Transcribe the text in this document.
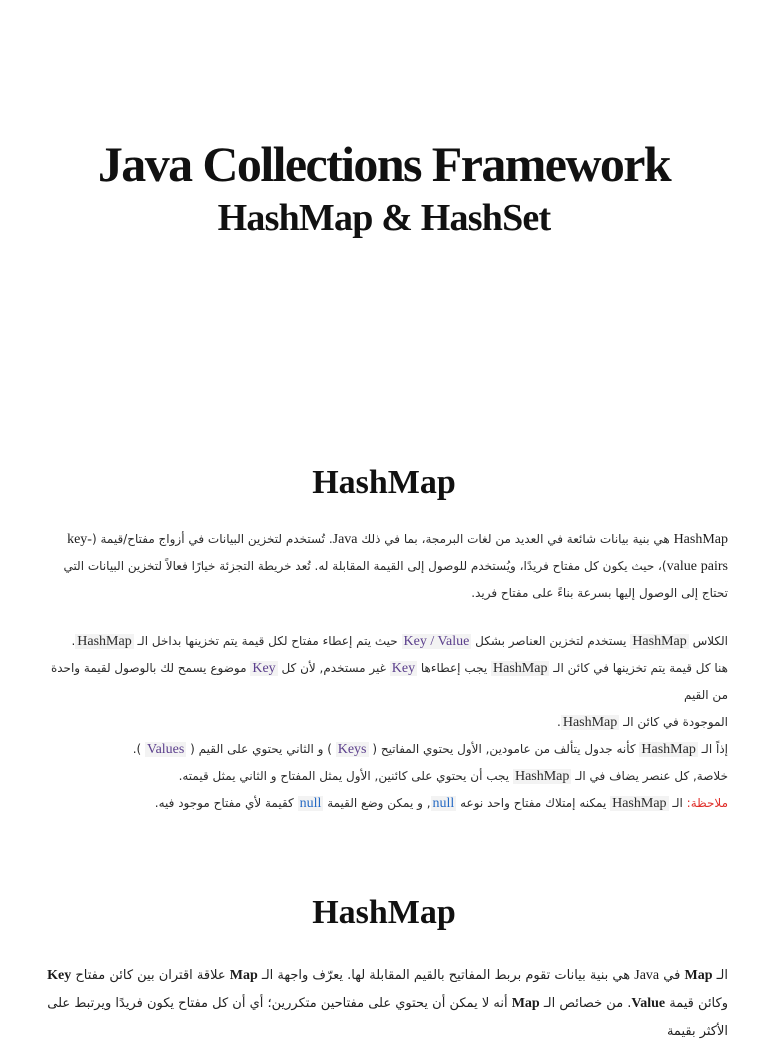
Java Collections Framework
HashMap & HashSet
HashMap

HashMap هي بنية بيانات شائعة في العديد من لغات البرمجة، بما في ذلك Java. تُستخدم لتخزين البيانات في أزواج مفتاح/قيمة (key-value pairs)، حيث يكون كل مفتاح فريدًا، ويُستخدم للوصول إلى القيمة المقابلة له. تُعد خريطة التجزئة خيارًا فعالاً لتخزين البيانات التي تحتاج إلى الوصول إليها بسرعة بناءً على مفتاح فريد.

الكلاس HashMap يستخدم لتخزين العناصر بشكل Key / Value حيث يتم إعطاء مفتاح لكل قيمة يتم تخزينها بداخل الـ HashMap.
هنا كل قيمة يتم تخزينها في كائن الـ HashMap يجب إعطاءها Key غير مستخدم, لأن كل Key موضوع يسمح لك بالوصول لقيمة واحدة من القيم
الموجودة في كائن الـ HashMap.
إذاً الـ HashMap كأنه جدول يتألف من عامودين, الأول يحتوي المفاتيح ( Keys ) و الثاني يحتوي على القيم ( Values ).
خلاصة, كل عنصر يضاف في الـ HashMap يجب أن يحتوي على كائنين, الأول يمثل المفتاح و الثاني يمثل قيمته.
ملاحظة: الـ HashMap يمكنه إمتلاك مفتاح واحد نوعه null, و يمكن وضع القيمة null كقيمة لأي مفتاح موجود فيه.
HashMap

الـ Map في Java هي بنية بيانات تقوم بربط المفاتيح بالقيم المقابلة لها. يعرّف واجهة الـ Map علاقة اقتران بين كائن مفتاح Key وكائن قيمة Value. من خصائص الـ Map أنه لا يمكن أن يحتوي على مفتاحين متكررين؛ أي أن كل مفتاح يكون فريدًا ويرتبط على الأكثر بقيمة
